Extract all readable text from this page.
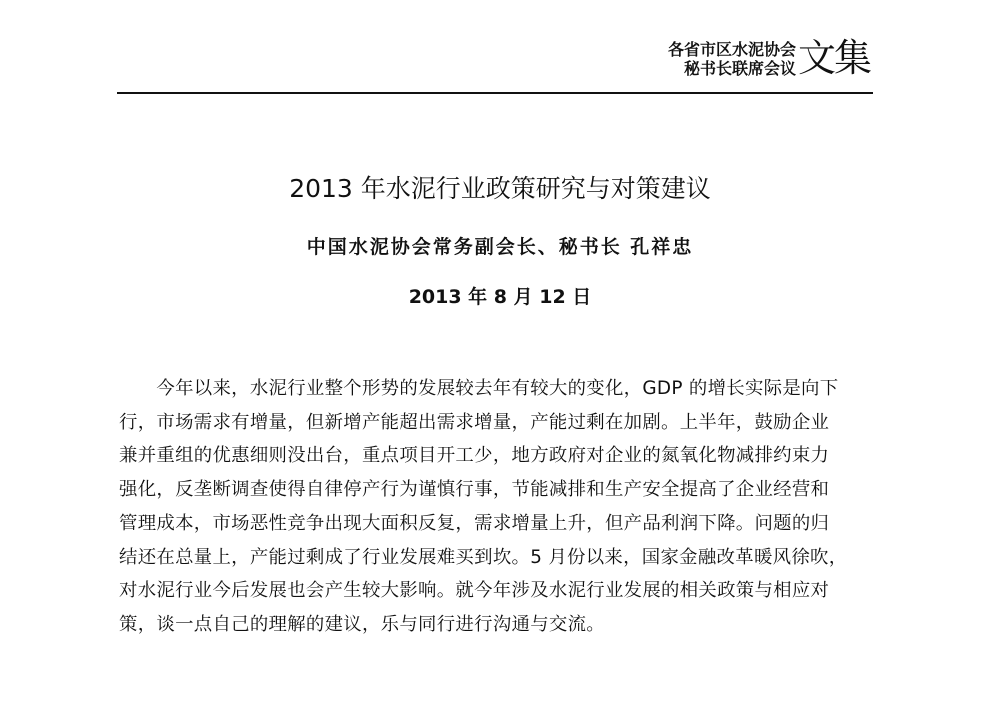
各省市区水泥协会
秘书长联席会议 文集
2013 年水泥行业政策研究与对策建议
中国水泥协会常务副会长、秘书长 孔祥忠
2013 年 8 月 12 日

　　今年以来，水泥行业整个形势的发展较去年有较大的变化，GDP 的增长实际是向下
行，市场需求有增量，但新增产能超出需求增量，产能过剩在加剧。上半年，鼓励企业
兼并重组的优惠细则没出台，重点项目开工少，地方政府对企业的氮氧化物减排约束力
强化，反垄断调查使得自律停产行为谨慎行事，节能减排和生产安全提高了企业经营和
管理成本，市场恶性竞争出现大面积反复，需求增量上升，但产品利润下降。问题的归
结还在总量上，产能过剩成了行业发展难买到坎。5 月份以来，国家金融改革暖风徐吹，
对水泥行业今后发展也会产生较大影响。就今年涉及水泥行业发展的相关政策与相应对
策，谈一点自己的理解的建议，乐与同行进行沟通与交流。
